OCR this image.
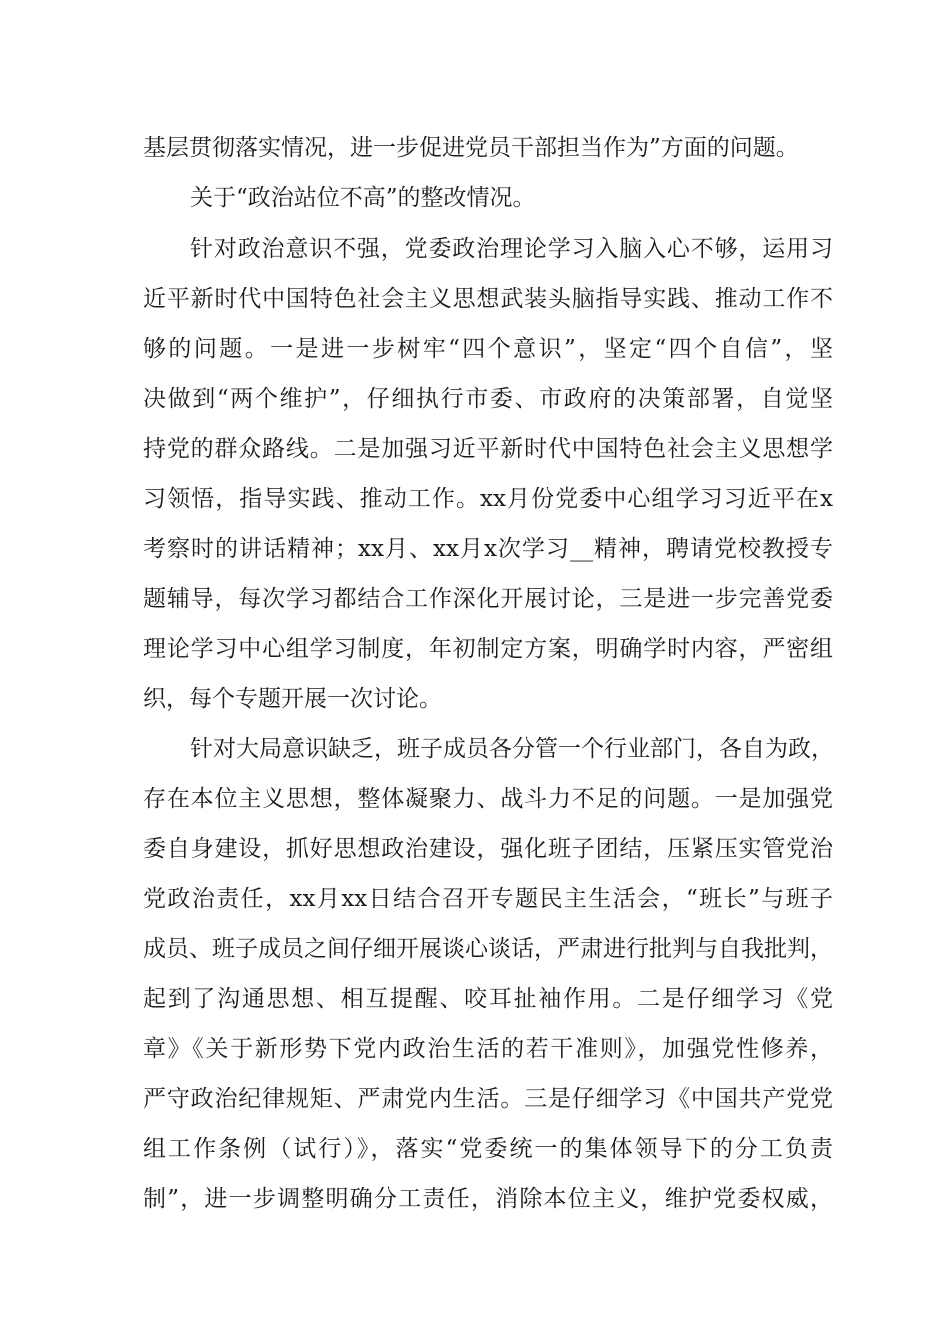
基层贯彻落实情况，进一步促进党员干部担当作为”方面的问题。
关于“政治站位不高”的整改情况。
针对政治意识不强，党委政治理论学习入脑入心不够，运用习
近平新时代中国特色社会主义思想武装头脑指导实践、推动工作不
够的问题。一是进一步树牢“四个意识”，坚定“四个自信”，坚
决做到“两个维护”，仔细执行市委、市政府的决策部署，自觉坚
持党的群众路线。二是加强习近平新时代中国特色社会主义思想学
习领悟，指导实践、推动工作。xx月份党委中心组学习习近平在x
考察时的讲话精神；xx月、xx月x次学习__精神，聘请党校教授专
题辅导，每次学习都结合工作深化开展讨论，三是进一步完善党委
理论学习中心组学习制度，年初制定方案，明确学时内容，严密组
织，每个专题开展一次讨论。
针对大局意识缺乏，班子成员各分管一个行业部门，各自为政，
存在本位主义思想，整体凝聚力、战斗力不足的问题。一是加强党
委自身建设，抓好思想政治建设，强化班子团结，压紧压实管党治
党政治责任，xx月xx日结合召开专题民主生活会，“班长”与班子
成员、班子成员之间仔细开展谈心谈话，严肃进行批判与自我批判，
起到了沟通思想、相互提醒、咬耳扯袖作用。二是仔细学习《党
章》《关于新形势下党内政治生活的若干准则》，加强党性修养，
严守政治纪律规矩、严肃党内生活。三是仔细学习《中国共产党党
组工作条例（试行）》，落实“党委统一的集体领导下的分工负责
制”，进一步调整明确分工责任，消除本位主义，维护党委权威，
